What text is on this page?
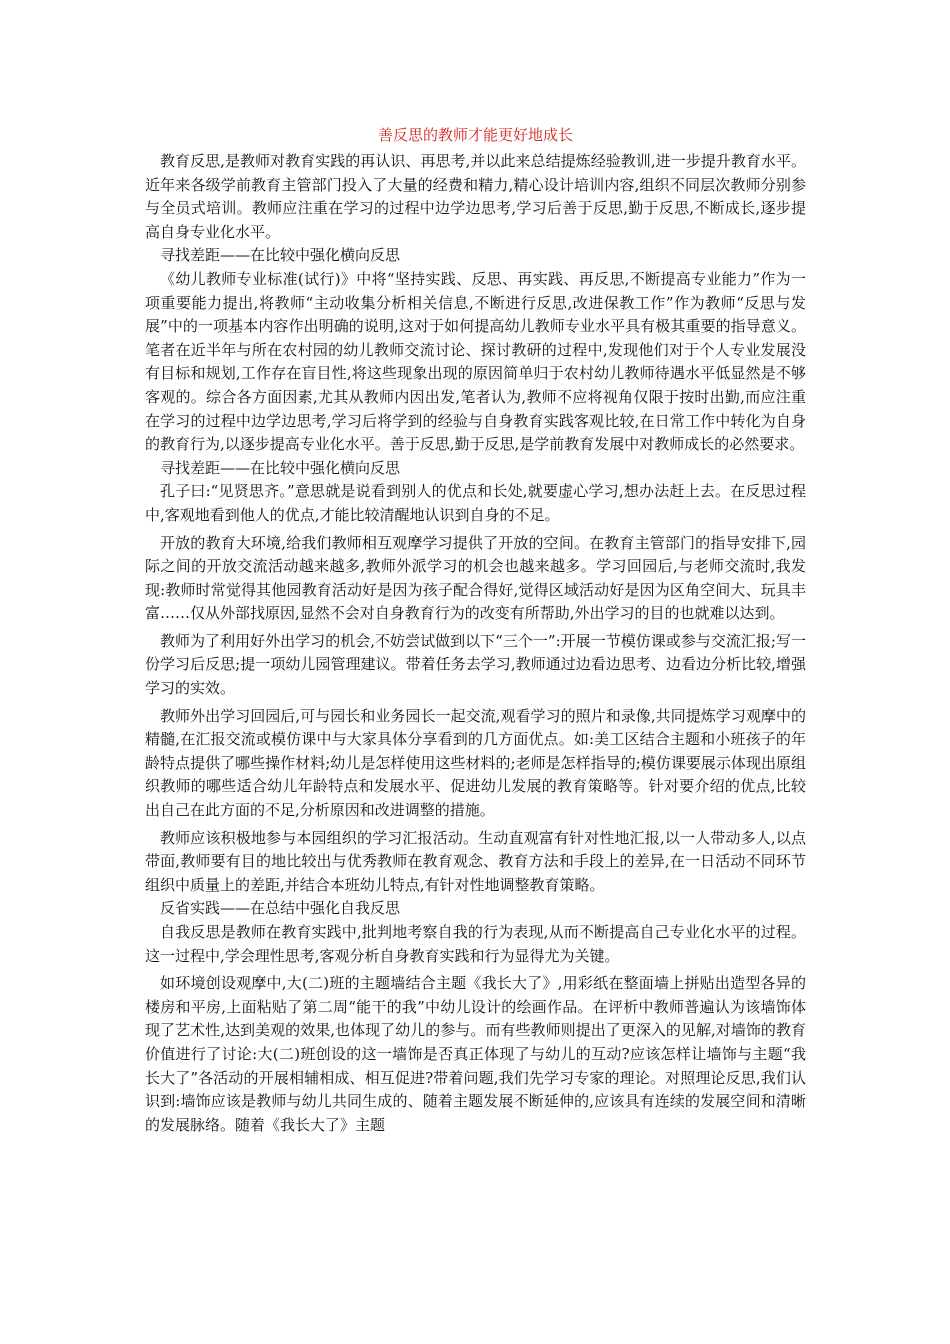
善反思的教师才能更好地成长

教育反思,是教师对教育实践的再认识、再思考,并以此来总结提炼经验教训,进一步提升教育水平。近年来各级学前教育主管部门投入了大量的经费和精力,精心设计培训内容,组织不同层次教师分别参与全员式培训。教师应注重在学习的过程中边学边思考,学习后善于反思,勤于反思,不断成长,逐步提高自身专业化水平。

寻找差距——在比较中强化横向反思

《幼儿教师专业标准(试行)》中将“坚持实践、反思、再实践、再反思,不断提高专业能力”作为一项重要能力提出,将教师“主动收集分析相关信息,不断进行反思,改进保教工作”作为教师“反思与发展”中的一项基本内容作出明确的说明,这对于如何提高幼儿教师专业水平具有极其重要的指导意义。笔者在近半年与所在农村园的幼儿教师交流讨论、探讨教研的过程中,发现他们对于个人专业发展没有目标和规划,工作存在盲目性,将这些现象出现的原因简单归于农村幼儿教师待遇水平低显然是不够客观的。综合各方面因素,尤其从教师内因出发,笔者认为,教师不应将视角仅限于按时出勤,而应注重在学习的过程中边学边思考,学习后将学到的经验与自身教育实践客观比较,在日常工作中转化为自身的教育行为,以逐步提高专业化水平。善于反思,勤于反思,是学前教育发展中对教师成长的必然要求。

寻找差距——在比较中强化横向反思

孔子曰:“见贤思齐。”意思就是说看到别人的优点和长处,就要虚心学习,想办法赶上去。在反思过程中,客观地看到他人的优点,才能比较清醒地认识到自身的不足。

开放的教育大环境,给我们教师相互观摩学习提供了开放的空间。在教育主管部门的指导安排下,园际之间的开放交流活动越来越多,教师外派学习的机会也越来越多。学习回园后,与老师交流时,我发现:教师时常觉得其他园教育活动好是因为孩子配合得好,觉得区域活动好是因为区角空间大、玩具丰富……仅从外部找原因,显然不会对自身教育行为的改变有所帮助,外出学习的目的也就难以达到。

教师为了利用好外出学习的机会,不妨尝试做到以下“三个一”:开展一节模仿课或参与交流汇报;写一份学习后反思;提一项幼儿园管理建议。带着任务去学习,教师通过边看边思考、边看边分析比较,增强学习的实效。

教师外出学习回园后,可与园长和业务园长一起交流,观看学习的照片和录像,共同提炼学习观摩中的精髓,在汇报交流或模仿课中与大家具体分享看到的几方面优点。如:美工区结合主题和小班孩子的年龄特点提供了哪些操作材料;幼儿是怎样使用这些材料的;老师是怎样指导的;模仿课要展示体现出原组织教师的哪些适合幼儿年龄特点和发展水平、促进幼儿发展的教育策略等。针对要介绍的优点,比较出自己在此方面的不足,分析原因和改进调整的措施。

教师应该积极地参与本园组织的学习汇报活动。生动直观富有针对性地汇报,以一人带动多人,以点带面,教师要有目的地比较出与优秀教师在教育观念、教育方法和手段上的差异,在一日活动不同环节组织中质量上的差距,并结合本班幼儿特点,有针对性地调整教育策略。

反省实践——在总结中强化自我反思

自我反思是教师在教育实践中,批判地考察自我的行为表现,从而不断提高自己专业化水平的过程。这一过程中,学会理性思考,客观分析自身教育实践和行为显得尤为关键。

如环境创设观摩中,大(二)班的主题墙结合主题《我长大了》,用彩纸在整面墙上拼贴出造型各异的楼房和平房,上面粘贴了第二周“能干的我”中幼儿设计的绘画作品。在评析中教师普遍认为该墙饰体现了艺术性,达到美观的效果,也体现了幼儿的参与。而有些教师则提出了更深入的见解,对墙饰的教育价值进行了讨论:大(二)班创设的这一墙饰是否真正体现了与幼儿的互动?应该怎样让墙饰与主题“我长大了”各活动的开展相辅相成、相互促进?带着问题,我们先学习专家的理论。对照理论反思,我们认识到:墙饰应该是教师与幼儿共同生成的、随着主题发展不断延伸的,应该具有连续的发展空间和清晰的发展脉络。随着《我长大了》主题
